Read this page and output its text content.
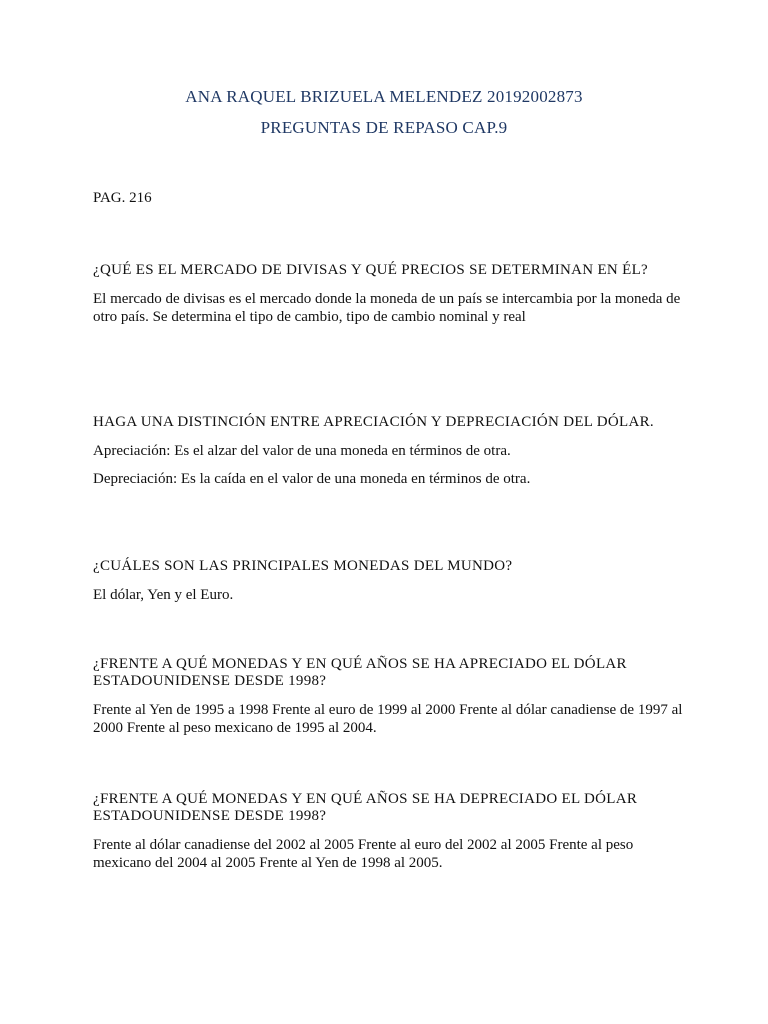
ANA RAQUEL BRIZUELA MELENDEZ 20192002873

PREGUNTAS DE REPASO CAP.9

PAG. 216

¿QUÉ ES EL MERCADO DE DIVISAS Y QUÉ PRECIOS SE DETERMINAN EN ÉL?

El mercado de divisas es el mercado donde la moneda de un país se intercambia por la moneda de otro país. Se determina el tipo de cambio, tipo de cambio nominal y real

HAGA UNA DISTINCIÓN ENTRE APRECIACIÓN Y DEPRECIACIÓN DEL DÓLAR.

Apreciación: Es el alzar del valor de una moneda en términos de otra.

Depreciación: Es la caída en el valor de una moneda en términos de otra.

¿CUÁLES SON LAS PRINCIPALES MONEDAS DEL MUNDO?

El dólar, Yen y el Euro.

¿FRENTE A QUÉ MONEDAS Y EN QUÉ AÑOS SE HA APRECIADO EL DÓLAR ESTADOUNIDENSE DESDE 1998?

Frente al Yen de 1995 a 1998 Frente al euro de 1999 al 2000 Frente al dólar canadiense de 1997 al 2000 Frente al peso mexicano de 1995 al 2004.

¿FRENTE A QUÉ MONEDAS Y EN QUÉ AÑOS SE HA DEPRECIADO EL DÓLAR ESTADOUNIDENSE DESDE 1998?

Frente al dólar canadiense del 2002 al 2005 Frente al euro del 2002 al 2005 Frente al peso mexicano del 2004 al 2005 Frente al Yen de 1998 al 2005.
